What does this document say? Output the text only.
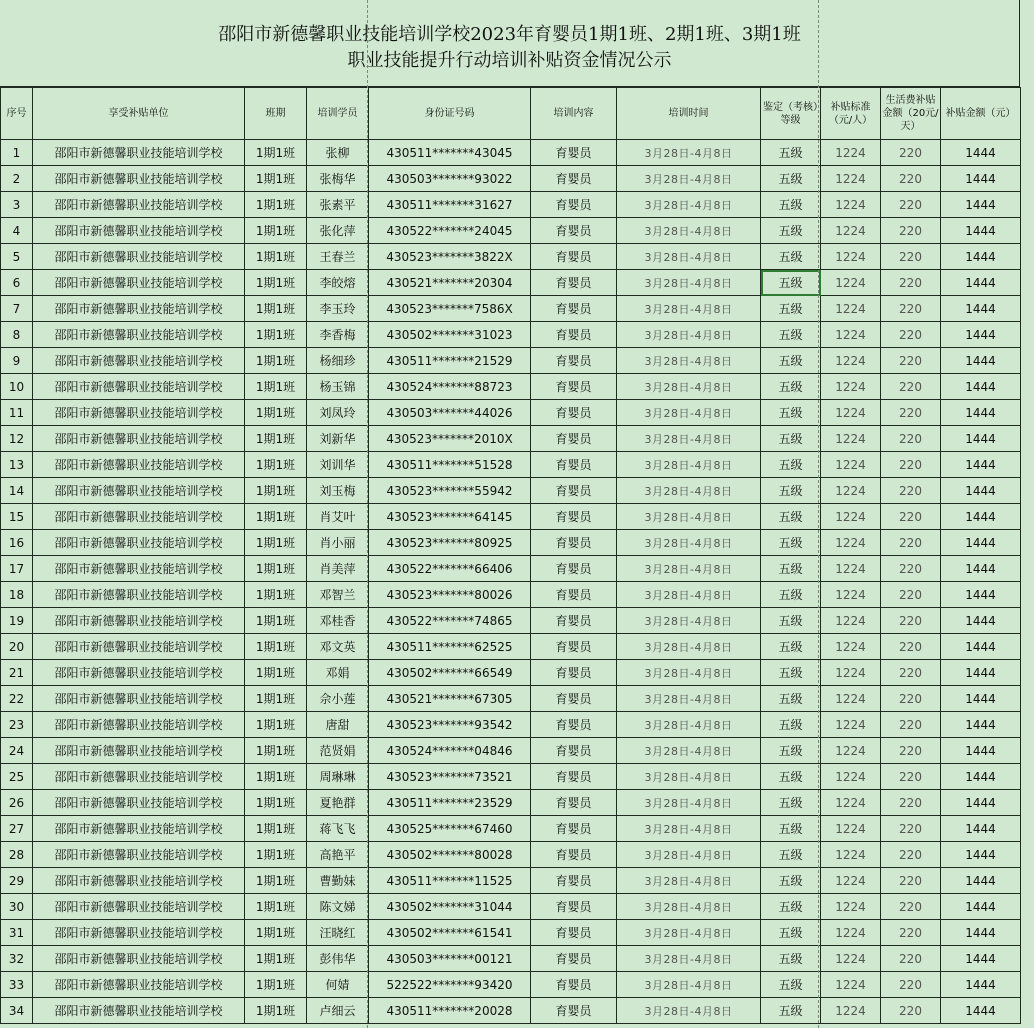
邵阳市新德馨职业技能培训学校2023年育婴员1期1班、2期1班、3期1班
职业技能提升行动培训补贴资金情况公示
序号	享受补贴单位	班期	培训学员	身份证号码	培训内容	培训时间	鉴定（考核）等级	补贴标准（元/人）	生活费补贴金额（20元/天）	补贴金额（元）
1	邵阳市新德馨职业技能培训学校	1期1班	张柳	430511*******43045	育婴员	3月28日-4月8日	五级	1224	220	1444
2	邵阳市新德馨职业技能培训学校	1期1班	张梅华	430503*******93022	育婴员	3月28日-4月8日	五级	1224	220	1444
3	邵阳市新德馨职业技能培训学校	1期1班	张素平	430511*******31627	育婴员	3月28日-4月8日	五级	1224	220	1444
4	邵阳市新德馨职业技能培训学校	1期1班	张化萍	430522*******24045	育婴员	3月28日-4月8日	五级	1224	220	1444
5	邵阳市新德馨职业技能培训学校	1期1班	王春兰	430523*******3822X	育婴员	3月28日-4月8日	五级	1224	220	1444
6	邵阳市新德馨职业技能培训学校	1期1班	李皎熔	430521*******20304	育婴员	3月28日-4月8日	五级	1224	220	1444
7	邵阳市新德馨职业技能培训学校	1期1班	李玉玲	430523*******7586X	育婴员	3月28日-4月8日	五级	1224	220	1444
8	邵阳市新德馨职业技能培训学校	1期1班	李香梅	430502*******31023	育婴员	3月28日-4月8日	五级	1224	220	1444
9	邵阳市新德馨职业技能培训学校	1期1班	杨细珍	430511*******21529	育婴员	3月28日-4月8日	五级	1224	220	1444
10	邵阳市新德馨职业技能培训学校	1期1班	杨玉锦	430524*******88723	育婴员	3月28日-4月8日	五级	1224	220	1444
11	邵阳市新德馨职业技能培训学校	1期1班	刘凤玲	430503*******44026	育婴员	3月28日-4月8日	五级	1224	220	1444
12	邵阳市新德馨职业技能培训学校	1期1班	刘新华	430523*******2010X	育婴员	3月28日-4月8日	五级	1224	220	1444
13	邵阳市新德馨职业技能培训学校	1期1班	刘训华	430511*******51528	育婴员	3月28日-4月8日	五级	1224	220	1444
14	邵阳市新德馨职业技能培训学校	1期1班	刘玉梅	430523*******55942	育婴员	3月28日-4月8日	五级	1224	220	1444
15	邵阳市新德馨职业技能培训学校	1期1班	肖艾叶	430523*******64145	育婴员	3月28日-4月8日	五级	1224	220	1444
16	邵阳市新德馨职业技能培训学校	1期1班	肖小丽	430523*******80925	育婴员	3月28日-4月8日	五级	1224	220	1444
17	邵阳市新德馨职业技能培训学校	1期1班	肖美萍	430522*******66406	育婴员	3月28日-4月8日	五级	1224	220	1444
18	邵阳市新德馨职业技能培训学校	1期1班	邓智兰	430523*******80026	育婴员	3月28日-4月8日	五级	1224	220	1444
19	邵阳市新德馨职业技能培训学校	1期1班	邓桂香	430522*******74865	育婴员	3月28日-4月8日	五级	1224	220	1444
20	邵阳市新德馨职业技能培训学校	1期1班	邓文英	430511*******62525	育婴员	3月28日-4月8日	五级	1224	220	1444
21	邵阳市新德馨职业技能培训学校	1期1班	邓娟	430502*******66549	育婴员	3月28日-4月8日	五级	1224	220	1444
22	邵阳市新德馨职业技能培训学校	1期1班	佘小莲	430521*******67305	育婴员	3月28日-4月8日	五级	1224	220	1444
23	邵阳市新德馨职业技能培训学校	1期1班	唐甜	430523*******93542	育婴员	3月28日-4月8日	五级	1224	220	1444
24	邵阳市新德馨职业技能培训学校	1期1班	范贤娟	430524*******04846	育婴员	3月28日-4月8日	五级	1224	220	1444
25	邵阳市新德馨职业技能培训学校	1期1班	周琳琳	430523*******73521	育婴员	3月28日-4月8日	五级	1224	220	1444
26	邵阳市新德馨职业技能培训学校	1期1班	夏艳群	430511*******23529	育婴员	3月28日-4月8日	五级	1224	220	1444
27	邵阳市新德馨职业技能培训学校	1期1班	蒋飞飞	430525*******67460	育婴员	3月28日-4月8日	五级	1224	220	1444
28	邵阳市新德馨职业技能培训学校	1期1班	高艳平	430502*******80028	育婴员	3月28日-4月8日	五级	1224	220	1444
29	邵阳市新德馨职业技能培训学校	1期1班	曹勤妹	430511*******11525	育婴员	3月28日-4月8日	五级	1224	220	1444
30	邵阳市新德馨职业技能培训学校	1期1班	陈文娣	430502*******31044	育婴员	3月28日-4月8日	五级	1224	220	1444
31	邵阳市新德馨职业技能培训学校	1期1班	汪晓红	430502*******61541	育婴员	3月28日-4月8日	五级	1224	220	1444
32	邵阳市新德馨职业技能培训学校	1期1班	彭伟华	430503*******00121	育婴员	3月28日-4月8日	五级	1224	220	1444
33	邵阳市新德馨职业技能培训学校	1期1班	何婧	522522*******93420	育婴员	3月28日-4月8日	五级	1224	220	1444
34	邵阳市新德馨职业技能培训学校	1期1班	卢细云	430511*******20028	育婴员	3月28日-4月8日	五级	1224	220	1444
